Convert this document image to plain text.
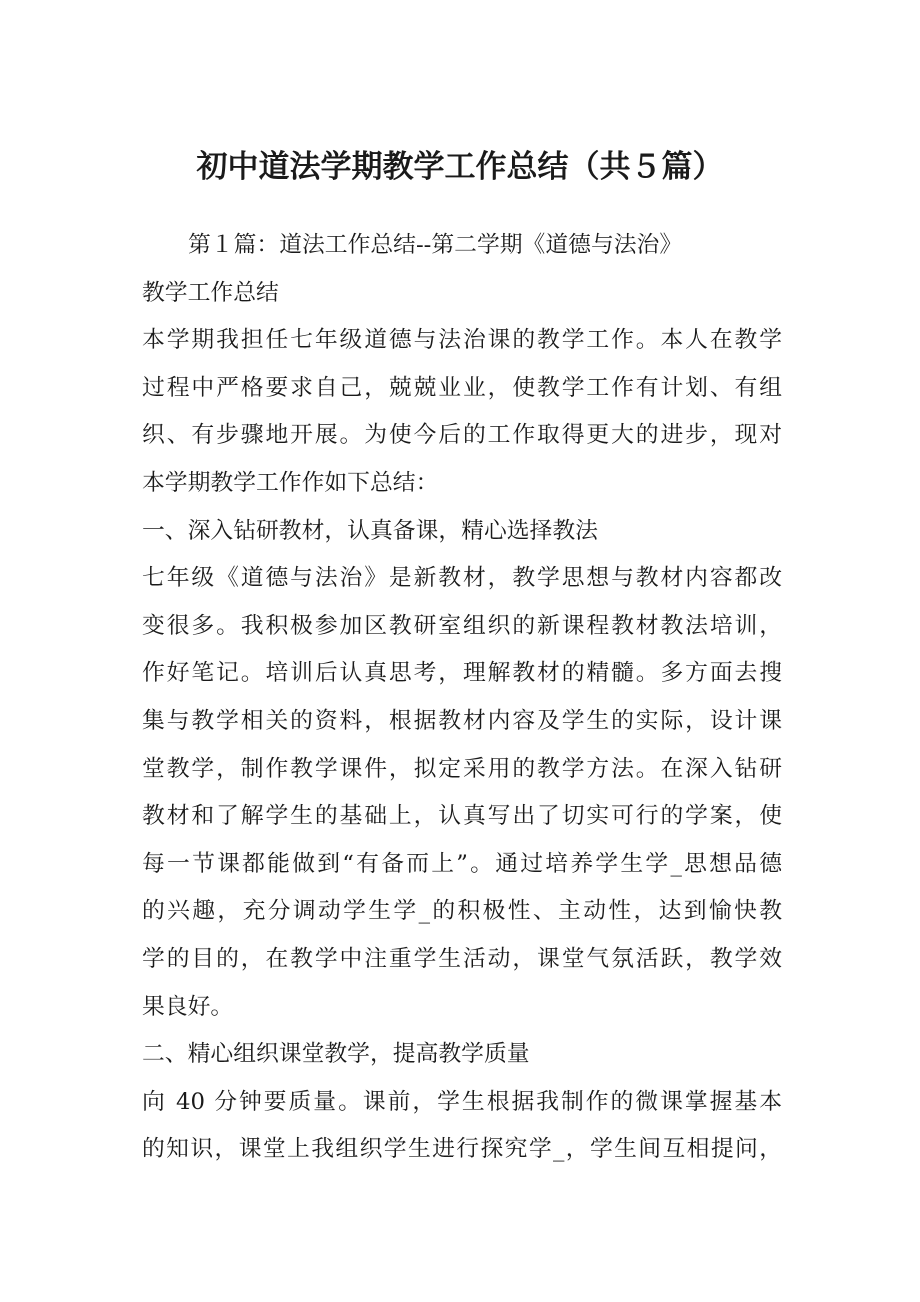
初中道法学期教学工作总结（共５篇）
第１篇：道法工作总结--第二学期《道德与法治》
教学工作总结
本学期我担任七年级道德与法治课的教学工作。本人在教学
过程中严格要求自己，兢兢业业，使教学工作有计划、有组
织、有步骤地开展。为使今后的工作取得更大的进步，现对
本学期教学工作作如下总结：
一、深入钻研教材，认真备课，精心选择教法
七年级《道德与法治》是新教材，教学思想与教材内容都改
变很多。我积极参加区教研室组织的新课程教材教法培训，
作好笔记。培训后认真思考，理解教材的精髓。多方面去搜
集与教学相关的资料，根据教材内容及学生的实际，设计课
堂教学，制作教学课件，拟定采用的教学方法。在深入钻研
教材和了解学生的基础上，认真写出了切实可行的学案，使
每一节课都能做到“有备而上”。通过培养学生学_思想品德
的兴趣，充分调动学生学_的积极性、主动性，达到愉快教
学的目的，在教学中注重学生活动，课堂气氛活跃，教学效
果良好。
二、精心组织课堂教学，提高教学质量
向 40 分钟要质量。课前，学生根据我制作的微课掌握基本
的知识，课堂上我组织学生进行探究学_，学生间互相提问，
